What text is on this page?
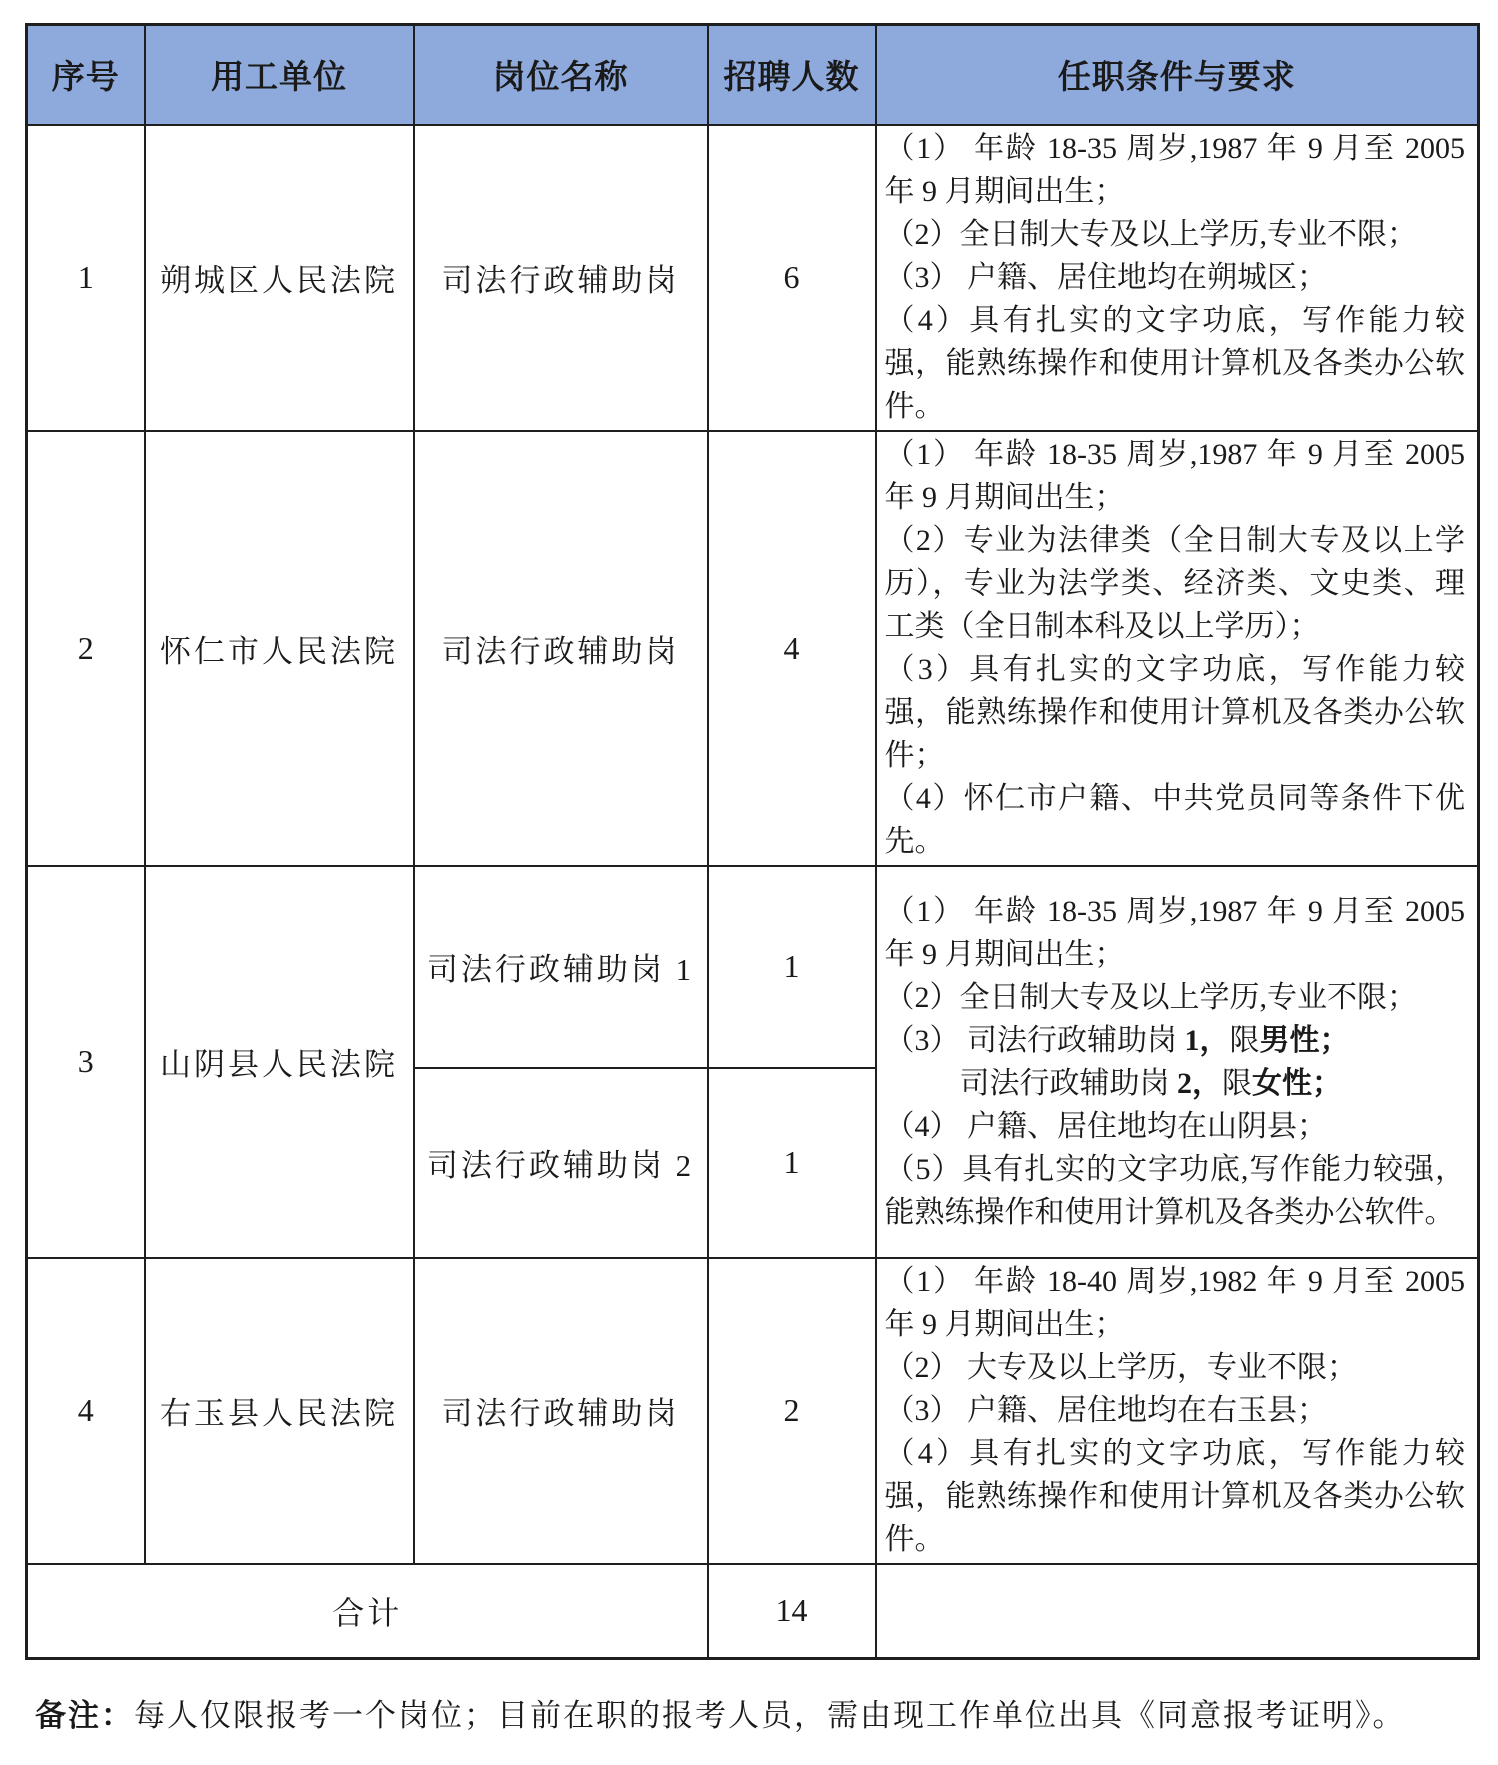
序号	用工单位	岗位名称	招聘人数	任职条件与要求
1	朔城区人民法院	司法行政辅助岗	6	（1） 年龄 18-35 周岁,1987 年 9 月至 2005 年 9 月期间出生；

（2）全日制大专及以上学历,专业不限；

（3） 户籍、居住地均在朔城区；

（4）具有扎实的文字功底，写作能力较强，能熟练操作和使用计算机及各类办公软件。

2	怀仁市人民法院	司法行政辅助岗	4	（1） 年龄 18-35 周岁,1987 年 9 月至 2005 年 9 月期间出生；

（2）专业为法律类（全日制大专及以上学历），专业为法学类、经济类、文史类、理工类（全日制本科及以上学历）；

（3）具有扎实的文字功底，写作能力较强，能熟练操作和使用计算机及各类办公软件；

（4）怀仁市户籍、中共党员同等条件下优先。

3	山阴县人民法院	司法行政辅助岗 1	1	

（1） 年龄 18-35 周岁,1987 年 9 月至 2005 年 9 月期间出生；

（2）全日制大专及以上学历,专业不限；

（3） 司法行政辅助岗 1，限男性；

司法行政辅助岗 2，限女性；

（4） 户籍、居住地均在山阴县；

（5）具有扎实的文字功底,写作能力较强，能熟练操作和使用计算机及各类办公软件。

		司法行政辅助岗 2	1	
4	右玉县人民法院	司法行政辅助岗	2	（1） 年龄 18-40 周岁,1982 年 9 月至 2005 年 9 月期间出生；

（2） 大专及以上学历，专业不限；

（3） 户籍、居住地均在右玉县；

（4）具有扎实的文字功底，写作能力较强，能熟练操作和使用计算机及各类办公软件。

合计			14	

备注：每人仅限报考一个岗位；目前在职的报考人员，需由现工作单位出具《同意报考证明》。
